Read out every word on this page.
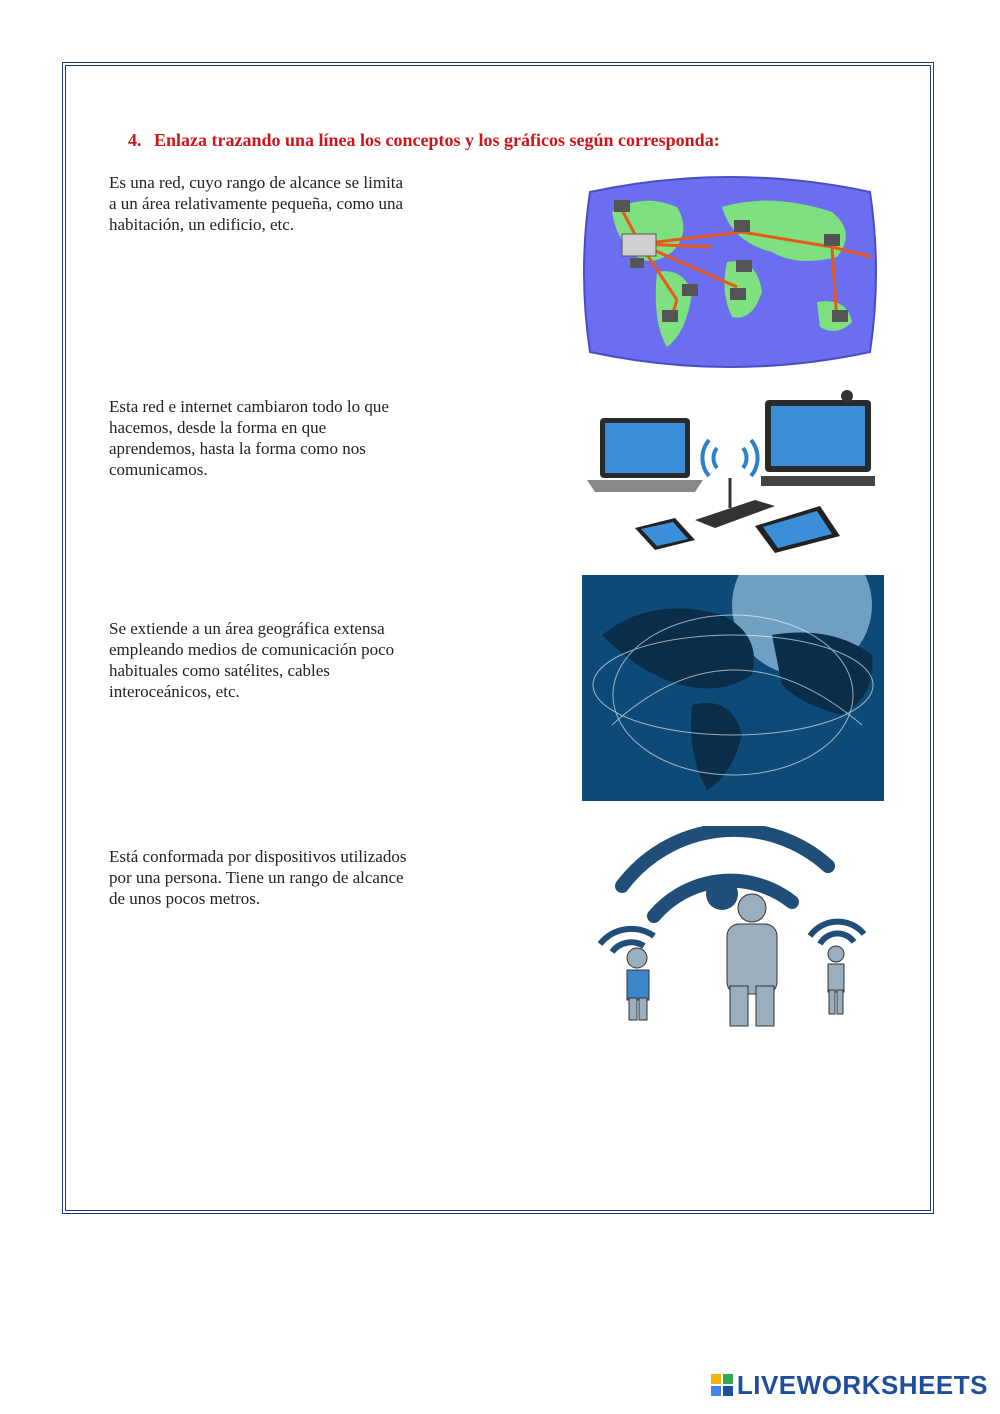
4. Enlaza trazando una línea los conceptos y los gráficos según corresponda:
Es una red, cuyo rango de alcance se limita a un área relativamente pequeña, como una habitación, un edificio, etc.
Esta red e internet cambiaron todo lo que hacemos, desde la forma en que aprendemos, hasta la forma como nos comunicamos.
Se extiende a un área geográfica extensa empleando medios de comunicación poco habituales como satélites, cables interoceánicos, etc.
Está conformada por dispositivos utilizados por una persona. Tiene un rango de alcance de unos pocos metros.
LIVEWORKSHEETS
